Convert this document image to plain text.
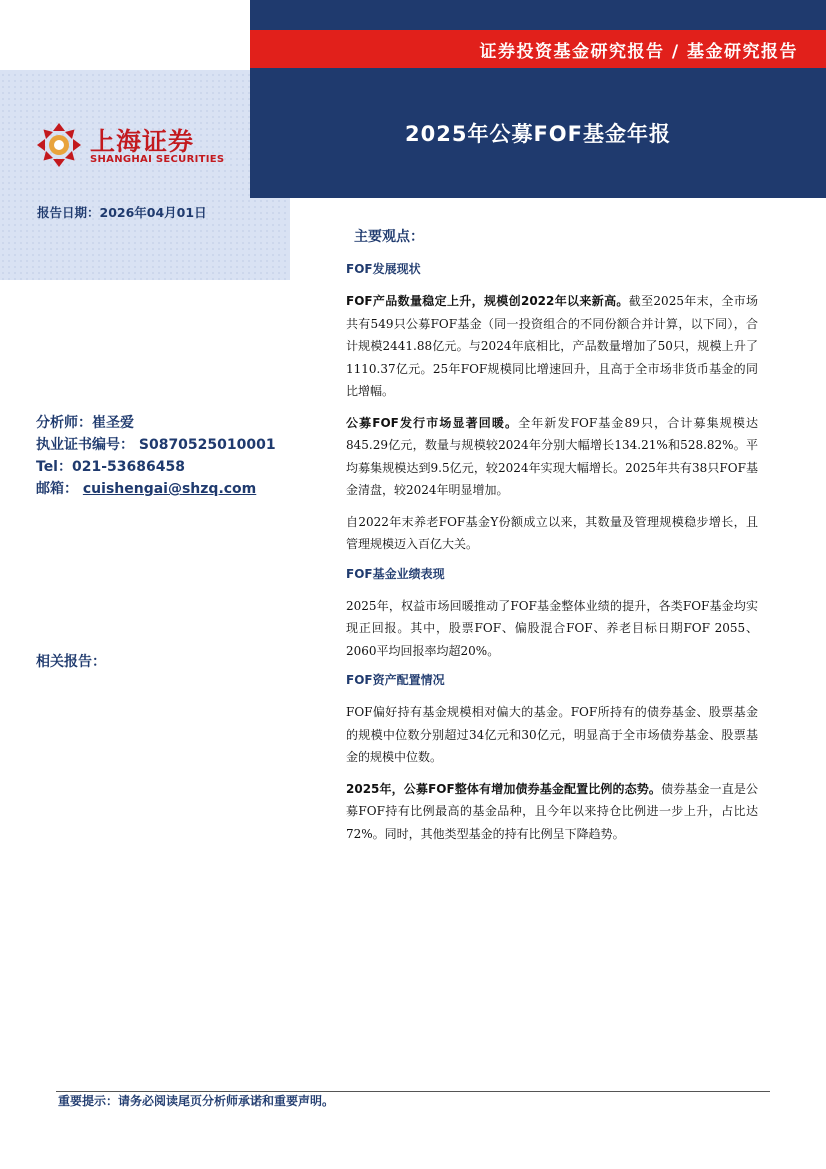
证券投资基金研究报告 / 基金研究报告
2025年公募FOF基金年报
上海证券
SHANGHAI SECURITIES
报告日期：2026年04月01日
分析师：崔圣爱
执业证书编号： S0870525010001
Tel：021-53686458
邮箱： cuishengai@shzq.com
相关报告：
主要观点：
FOF发展现状

FOF产品数量稳定上升，规模创2022年以来新高。截至2025年末，全市场共有549只公募FOF基金（同一投资组合的不同份额合并计算，以下同），合计规模2441.88亿元。与2024年底相比，产品数量增加了50只，规模上升了1110.37亿元。25年FOF规模同比增速回升，且高于全市场非货币基金的同比增幅。

公募FOF发行市场显著回暖。全年新发FOF基金89只，合计募集规模达845.29亿元，数量与规模较2024年分别大幅增长134.21%和528.82%。平均募集规模达到9.5亿元，较2024年实现大幅增长。2025年共有38只FOF基金清盘，较2024年明显增加。

自2022年末养老FOF基金Y份额成立以来，其数量及管理规模稳步增长，且管理规模迈入百亿大关。

FOF基金业绩表现

2025年，权益市场回暖推动了FOF基金整体业绩的提升，各类FOF基金均实现正回报。其中，股票FOF、偏股混合FOF、养老目标日期FOF 2055、2060平均回报率均超20%。

FOF资产配置情况

FOF偏好持有基金规模相对偏大的基金。FOF所持有的债券基金、股票基金的规模中位数分别超过34亿元和30亿元，明显高于全市场债券基金、股票基金的规模中位数。

2025年，公募FOF整体有增加债券基金配置比例的态势。债券基金一直是公募FOF持有比例最高的基金品种，且今年以来持仓比例进一步上升，占比达72%。同时，其他类型基金的持有比例呈下降趋势。

重要提示：请务必阅读尾页分析师承诺和重要声明。
